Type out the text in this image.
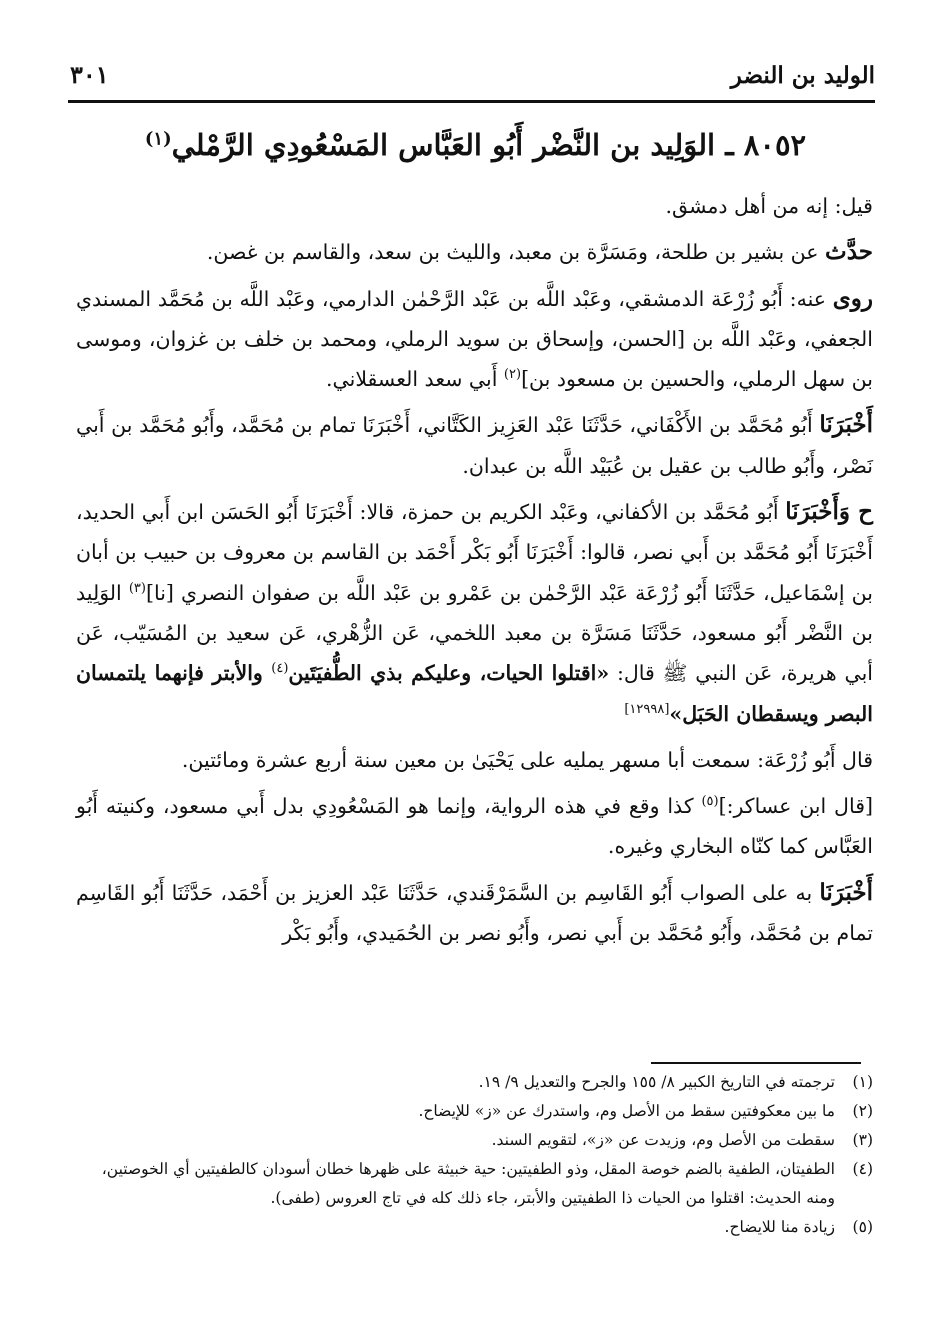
الوليد بن النضر
٣٠١
٨٠٥٢ ـ الوَلِيد بن النَّضْر أَبُو العَبَّاس المَسْعُودِي الرَّمْلي$^{(١)}$

قيل: إنه من أهل دمشق.

حدَّث عن بشير بن طلحة، ومَسَرَّة بن معبد، والليث بن سعد، والقاسم بن غصن.

روى عنه: أَبُو زُرْعَة الدمشقي، وعَبْد اللَّه بن عَبْد الرَّحْمٰن الدارمي، وعَبْد اللَّه بن مُحَمَّد المسندي الجعفي، وعَبْد اللَّه بن [الحسن، وإسحاق بن سويد الرملي، ومحمد بن خلف بن غزوان، وموسى بن سهل الرملي، والحسين بن مسعود بن]$^{(٢)}$ أَبي سعد العسقلاني.

أَخْبَرَنَا أَبُو مُحَمَّد بن الأَكْفَاني، حَدَّثَنَا عَبْد العَزِيز الكَتَّاني، أَخْبَرَنَا تمام بن مُحَمَّد، وأَبُو مُحَمَّد بن أَبي نَصْر، وأَبُو طالب بن عقيل بن عُبَيْد اللَّه بن عبدان.

ح وَأَخْبَرَنَا أَبُو مُحَمَّد بن الأكفاني، وعَبْد الكريم بن حمزة، قالا: أَخْبَرَنَا أَبُو الحَسَن ابن أَبي الحديد، أَخْبَرَنَا أَبُو مُحَمَّد بن أَبي نصر، قالوا: أَخْبَرَنَا أَبُو بَكْر أَحْمَد بن القاسم بن معروف بن حبيب بن أبان بن إسْمَاعيل، حَدَّثَنَا أَبُو زُرْعَة عَبْد الرَّحْمٰن بن عَمْرو بن عَبْد اللَّه بن صفوان النصري [نا]$^{(٣)}$ الوَلِيد بن النَّضْر أَبُو مسعود، حَدَّثَنَا مَسَرَّة بن معبد اللخمي، عَن الزُّهْري، عَن سعيد بن المُسَيّب، عَن أبي هريرة، عَن النبي ﷺ قال: «اقتلوا الحيات، وعليكم بذي الطُّفيَتَين$^{(٤)}$ والأبتر فإنهما يلتمسان البصر ويسقطان الحَبَل»[١٢٩٩٨]

قال أَبُو زُرْعَة: سمعت أبا مسهر يمليه على يَحْيَىٰ بن معين سنة أربع عشرة ومائتين.

[قال ابن عساكر:]$^{(٥)}$ كذا وقع في هذه الرواية، وإنما هو المَسْعُودِي بدل أَبي مسعود، وكنيته أَبُو العَبَّاس كما كنّاه البخاري وغيره.

أَخْبَرَنَا به على الصواب أَبُو القَاسِم بن السَّمَرْقَندي، حَدَّثَنَا عَبْد العزيز بن أَحْمَد، حَدَّثَنَا أَبُو القَاسِم تمام بن مُحَمَّد، وأَبُو مُحَمَّد بن أَبي نصر، وأَبُو نصر بن الحُمَيدي، وأَبُو بَكْر

(١)
ترجمته في التاريخ الكبير ٨/ ١٥٥ والجرح والتعديل ٩/ ١٩.
(٢)
ما بين معكوفتين سقط من الأصل وم، واستدرك عن «ز» للإيضاح.
(٣)
سقطت من الأصل وم، وزيدت عن «ز»، لتقويم السند.
(٤)
الطفيتان، الطفية بالضم خوصة المقل، وذو الطفيتين: حية خبيثة على ظهرها خطان أسودان كالطفيتين أي الخوصتين، ومنه الحديث: اقتلوا من الحيات ذا الطفيتين والأبتر، جاء ذلك كله في تاج العروس (طفى).
(٥)
زيادة منا للايضاح.
